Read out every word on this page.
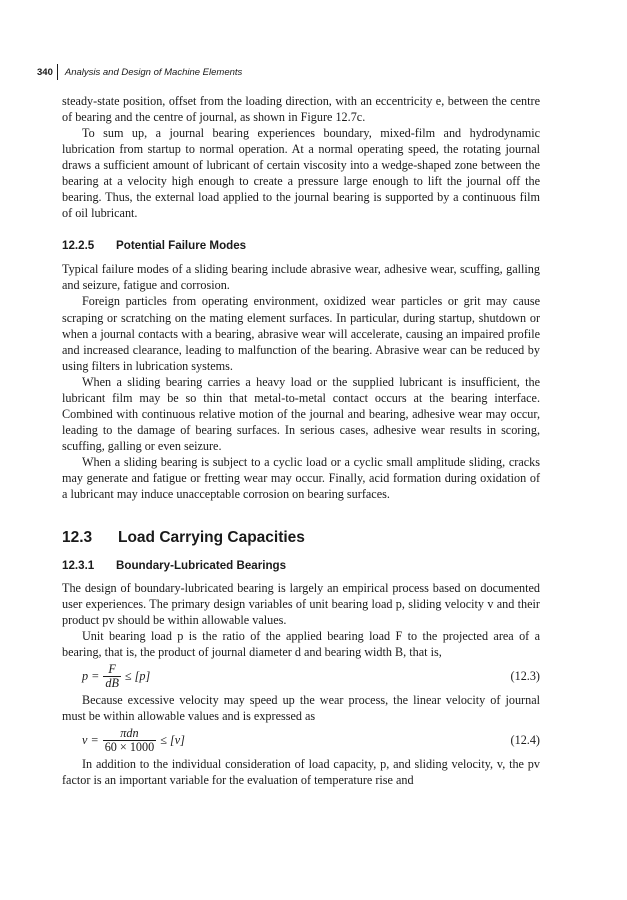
340	Analysis and Design of Machine Elements

steady-state position, offset from the loading direction, with an eccentricity e, between the centre of bearing and the centre of journal, as shown in Figure 12.7c.

To sum up, a journal bearing experiences boundary, mixed-film and hydrodynamic lubrication from startup to normal operation. At a normal operating speed, the rotating journal draws a sufficient amount of lubricant of certain viscosity into a wedge-shaped zone between the bearing at a velocity high enough to create a pressure large enough to lift the journal off the bearing. Thus, the external load applied to the journal bearing is supported by a continuous film of oil lubricant.

12.2.5	Potential Failure Modes

Typical failure modes of a sliding bearing include abrasive wear, adhesive wear, scuffing, galling and seizure, fatigue and corrosion.

Foreign particles from operating environment, oxidized wear particles or grit may cause scraping or scratching on the mating element surfaces. In particular, during startup, shutdown or when a journal contacts with a bearing, abrasive wear will accelerate, causing an impaired profile and increased clearance, leading to malfunction of the bearing. Abrasive wear can be reduced by using filters in lubrication systems.

When a sliding bearing carries a heavy load or the supplied lubricant is insufficient, the lubricant film may be so thin that metal-to-metal contact occurs at the bearing interface. Combined with continuous relative motion of the journal and bearing, adhesive wear may occur, leading to the damage of bearing surfaces. In serious cases, adhesive wear results in scoring, scuffing, galling or even seizure.

When a sliding bearing is subject to a cyclic load or a cyclic small amplitude sliding, cracks may generate and fatigue or fretting wear may occur. Finally, acid formation during oxidation of a lubricant may induce unacceptable corrosion on bearing surfaces.

12.3	Load Carrying Capacities
12.3.1	Boundary-Lubricated Bearings

The design of boundary-lubricated bearing is largely an empirical process based on documented user experiences. The primary design variables of unit bearing load p, sliding velocity v and their product pv should be within allowable values.

Unit bearing load p is the ratio of the applied bearing load F to the projected area of a bearing, that is, the product of journal diameter d and bearing width B, that is,

$p = \frac{F}{dB} \le [p]$	(12.3)

Because excessive velocity may speed up the wear process, the linear velocity of journal must be within allowable values and is expressed as

$v = \frac{\text{πdn}}{60 \times 1000} \le [v]$	(12.4)

In addition to the individual consideration of load capacity, p, and sliding velocity, v, the pv factor is an important variable for the evaluation of temperature rise and
